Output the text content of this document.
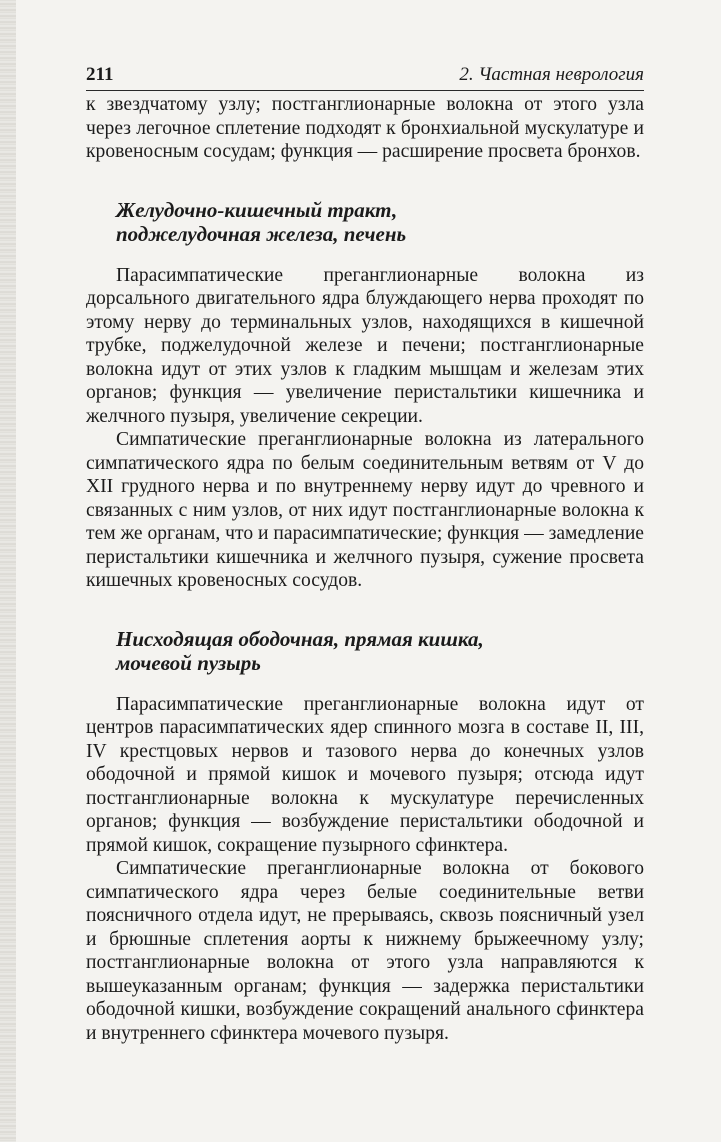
211	2. Частная неврология

к звездчатому узлу; постганглионарные волокна от этого узла через легочное сплетение подходят к бронхиальной мускулатуре и кровеносным сосудам; функция — расширение просвета бронхов.

Желудочно-кишечный тракт,
поджелудочная железа, печень

Парасимпатические преганглионарные волокна из дорсального двигательного ядра блуждающего нерва проходят по этому нерву до терминальных узлов, находящихся в кишечной трубке, поджелудочной железе и печени; постганглионарные волокна идут от этих узлов к гладким мышцам и железам этих органов; функция — увеличение перистальтики кишечника и желчного пузыря, увеличение секреции.

Симпатические преганглионарные волокна из латерального симпатического ядра по белым соединительным ветвям от V до XII грудного нерва и по внутреннему нерву идут до чревного и связанных с ним узлов, от них идут постганглионарные волокна к тем же органам, что и парасимпатические; функция — замедление перистальтики кишечника и желчного пузыря, сужение просвета кишечных кровеносных сосудов.

Нисходящая ободочная, прямая кишка,
мочевой пузырь

Парасимпатические преганглионарные волокна идут от центров парасимпатических ядер спинного мозга в составе II, III, IV крестцовых нервов и тазового нерва до конечных узлов ободочной и прямой кишок и мочевого пузыря; отсюда идут постганглионарные волокна к мускулатуре перечисленных органов; функция — возбуждение перистальтики ободочной и прямой кишок, сокращение пузырного сфинктера.

Симпатические преганглионарные волокна от бокового симпатического ядра через белые соединительные ветви поясничного отдела идут, не прерываясь, сквозь поясничный узел и брюшные сплетения аорты к нижнему брыжеечному узлу; постганглионарные волокна от этого узла направляются к вышеуказанным органам; функция — задержка перистальтики ободочной кишки, возбуждение сокращений анального сфинктера и внутреннего сфинктера мочевого пузыря.
